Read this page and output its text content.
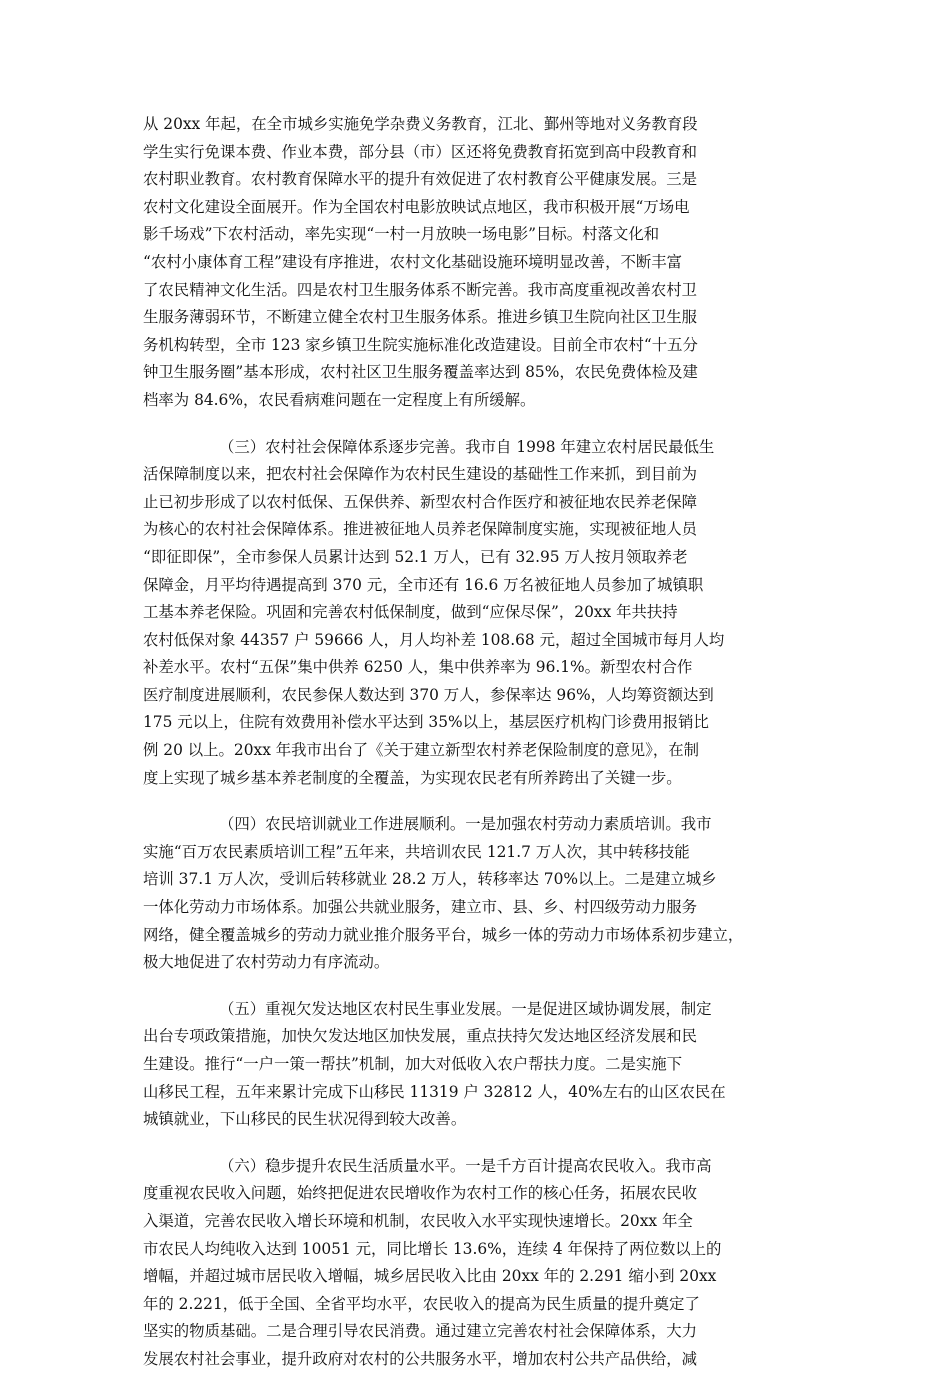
从 20xx 年起，在全市城乡实施免学杂费义务教育，江北、鄞州等地对义务教育段
学生实行免课本费、作业本费，部分县（市）区还将免费教育拓宽到高中段教育和
农村职业教育。农村教育保障水平的提升有效促进了农村教育公平健康发展。三是
农村文化建设全面展开。作为全国农村电影放映试点地区，我市积极开展“万场电
影千场戏”下农村活动，率先实现“一村一月放映一场电影”目标。村落文化和
“农村小康体育工程”建设有序推进，农村文化基础设施环境明显改善，不断丰富
了农民精神文化生活。四是农村卫生服务体系不断完善。我市高度重视改善农村卫
生服务薄弱环节，不断建立健全农村卫生服务体系。推进乡镇卫生院向社区卫生服
务机构转型，全市 123 家乡镇卫生院实施标准化改造建设。目前全市农村“十五分
钟卫生服务圈”基本形成，农村社区卫生服务覆盖率达到 85%，农民免费体检及建
档率为 84.6%，农民看病难问题在一定程度上有所缓解。
（三）农村社会保障体系逐步完善。我市自 1998 年建立农村居民最低生
活保障制度以来，把农村社会保障作为农村民生建设的基础性工作来抓，到目前为
止已初步形成了以农村低保、五保供养、新型农村合作医疗和被征地农民养老保障
为核心的农村社会保障体系。推进被征地人员养老保障制度实施，实现被征地人员
“即征即保”，全市参保人员累计达到 52.1 万人，已有 32.95 万人按月领取养老
保障金，月平均待遇提高到 370 元，全市还有 16.6 万名被征地人员参加了城镇职
工基本养老保险。巩固和完善农村低保制度，做到“应保尽保”，20xx 年共扶持
农村低保对象 44357 户 59666 人，月人均补差 108.68 元，超过全国城市每月人均
补差水平。农村“五保”集中供养 6250 人，集中供养率为 96.1%。新型农村合作
医疗制度进展顺利，农民参保人数达到 370 万人，参保率达 96%，人均筹资额达到
175 元以上，住院有效费用补偿水平达到 35%以上，基层医疗机构门诊费用报销比
例 20 以上。20xx 年我市出台了《关于建立新型农村养老保险制度的意见》，在制
度上实现了城乡基本养老制度的全覆盖，为实现农民老有所养跨出了关键一步。
（四）农民培训就业工作进展顺利。一是加强农村劳动力素质培训。我市
实施“百万农民素质培训工程”五年来，共培训农民 121.7 万人次，其中转移技能
培训 37.1 万人次，受训后转移就业 28.2 万人，转移率达 70%以上。二是建立城乡
一体化劳动力市场体系。加强公共就业服务，建立市、县、乡、村四级劳动力服务
网络，健全覆盖城乡的劳动力就业推介服务平台，城乡一体的劳动力市场体系初步建立，
极大地促进了农村劳动力有序流动。
（五）重视欠发达地区农村民生事业发展。一是促进区域协调发展，制定
出台专项政策措施，加快欠发达地区加快发展，重点扶持欠发达地区经济发展和民
生建设。推行“一户一策一帮扶”机制，加大对低收入农户帮扶力度。二是实施下
山移民工程，五年来累计完成下山移民 11319 户 32812 人，40%左右的山区农民在
城镇就业，下山移民的民生状况得到较大改善。
（六）稳步提升农民生活质量水平。一是千方百计提高农民收入。我市高
度重视农民收入问题，始终把促进农民增收作为农村工作的核心任务，拓展农民收
入渠道，完善农民收入增长环境和机制，农民收入水平实现快速增长。20xx 年全
市农民人均纯收入达到 10051 元，同比增长 13.6%，连续 4 年保持了两位数以上的
增幅，并超过城市居民收入增幅，城乡居民收入比由 20xx 年的 2.291 缩小到 20xx
年的 2.221，低于全国、全省平均水平，农民收入的提高为民生质量的提升奠定了
坚实的物质基础。二是合理引导农民消费。通过建立完善农村社会保障体系，大力
发展农村社会事业，提升政府对农村的公共服务水平，增加农村公共产品供给，减
